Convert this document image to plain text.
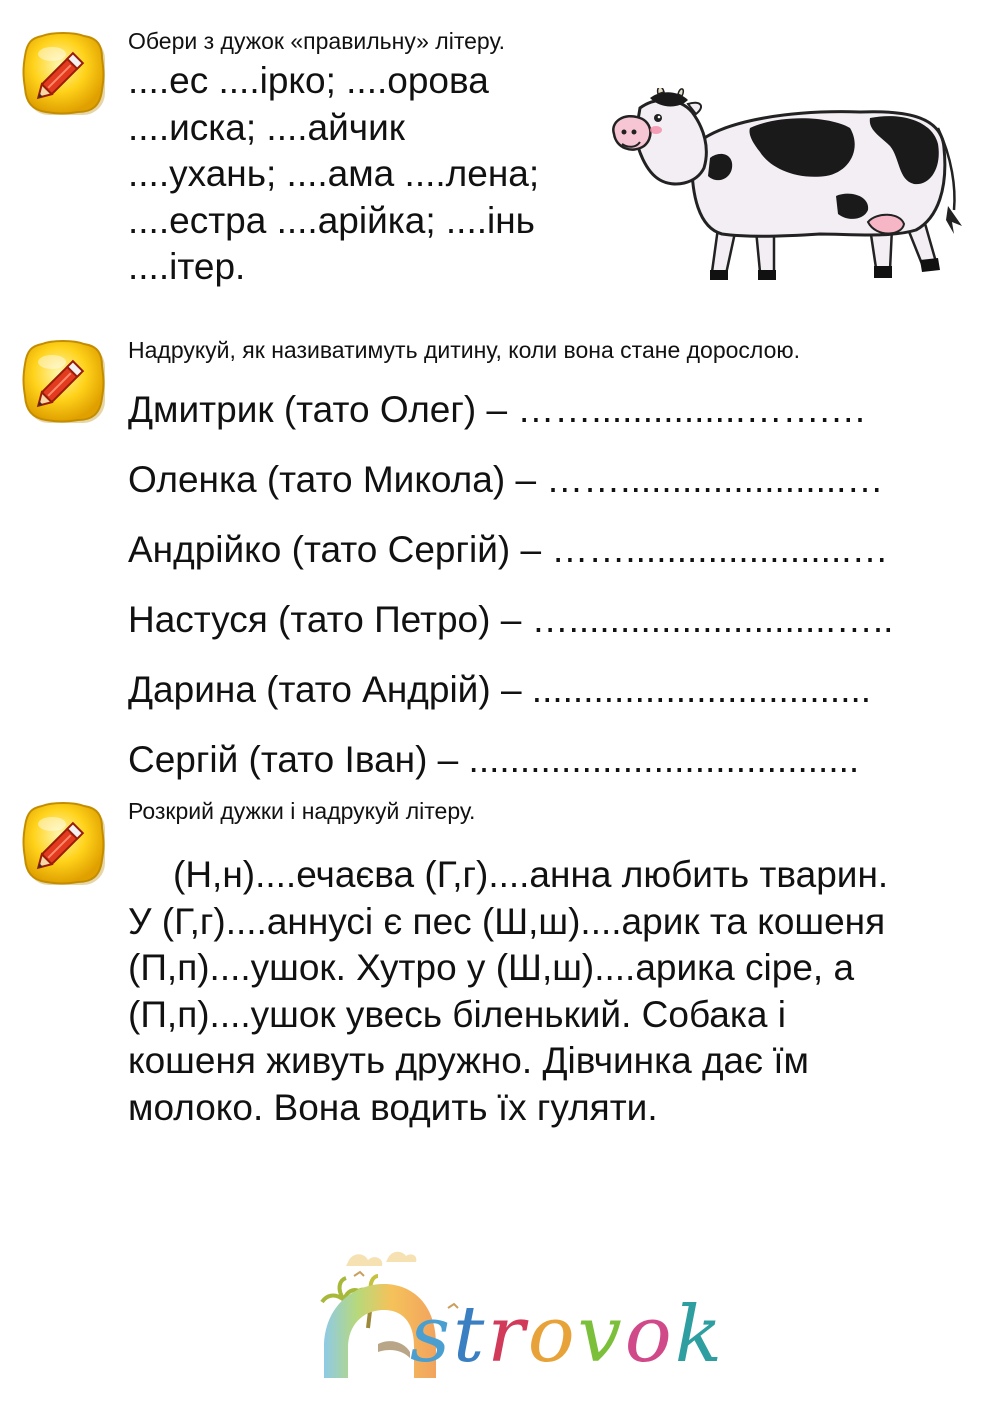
Обери з дужок «правильну» літеру.

....ес ....ірко; ....орова
....иска; ....айчик
....ухань; ....ама ....лена;
....естра ....арійка; ....інь
....ітер.

Надрукуй, як називатимуть дитину, коли вона стане дорослою.

Дмитрик (тато Олег) – ……...............…….…
Оленка (тато Микола) – ……......................…
Андрійко (тато Сергій) – ……......................…
Настуся (тато Петро) – …..........................…..
Дарина (тато Андрій) – .................................
Сергій (тато Іван) – ......................................

Розкрий дужки і надрукуй літеру.

(Н,н)....ечаєва (Г,г)....анна любить тварин.
У (Г,г)....аннусі є пес (Ш,ш)....арик та кошеня
(П,п)....ушок. Хутро у (Ш,ш)....арика сіре, а
(П,п)....ушок увесь біленький. Собака і
кошеня живуть дружно. Дівчинка дає їм
молоко. Вона водить їх гуляти.
strovok
